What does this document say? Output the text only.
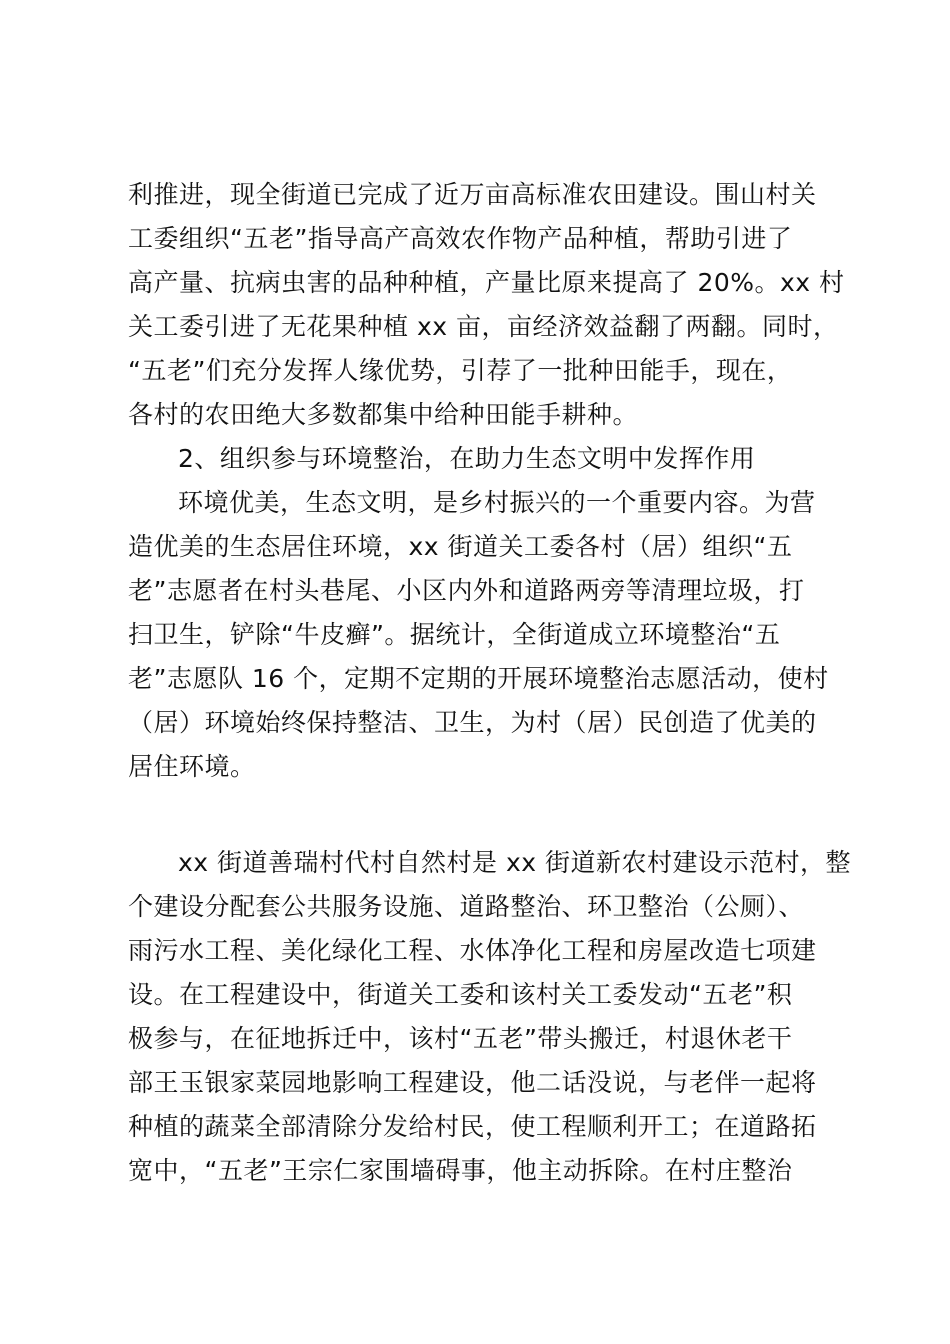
利推进，现全街道已完成了近万亩高标准农田建设。围山村关
工委组织“五老”指导高产高效农作物产品种植，帮助引进了
高产量、抗病虫害的品种种植，产量比原来提高了 20%。xx 村
关工委引进了无花果种植 xx 亩，亩经济效益翻了两翻。同时，
“五老”们充分发挥人缘优势，引荐了一批种田能手，现在，
各村的农田绝大多数都集中给种田能手耕种。
2、组织参与环境整治，在助力生态文明中发挥作用
环境优美，生态文明，是乡村振兴的一个重要内容。为营
造优美的生态居住环境，xx 街道关工委各村（居）组织“五
老”志愿者在村头巷尾、小区内外和道路两旁等清理垃圾，打
扫卫生，铲除“牛皮癣”。据统计，全街道成立环境整治“五
老”志愿队 16 个，定期不定期的开展环境整治志愿活动，使村
（居）环境始终保持整洁、卫生，为村（居）民创造了优美的
居住环境。
xx 街道善瑞村代村自然村是 xx 街道新农村建设示范村，整
个建设分配套公共服务设施、道路整治、环卫整治（公厕）、
雨污水工程、美化绿化工程、水体净化工程和房屋改造七项建
设。在工程建设中，街道关工委和该村关工委发动“五老”积
极参与，在征地拆迁中，该村“五老”带头搬迁，村退休老干
部王玉银家菜园地影响工程建设，他二话没说，与老伴一起将
种植的蔬菜全部清除分发给村民，使工程顺利开工；在道路拓
宽中，“五老”王宗仁家围墙碍事，他主动拆除。在村庄整治
